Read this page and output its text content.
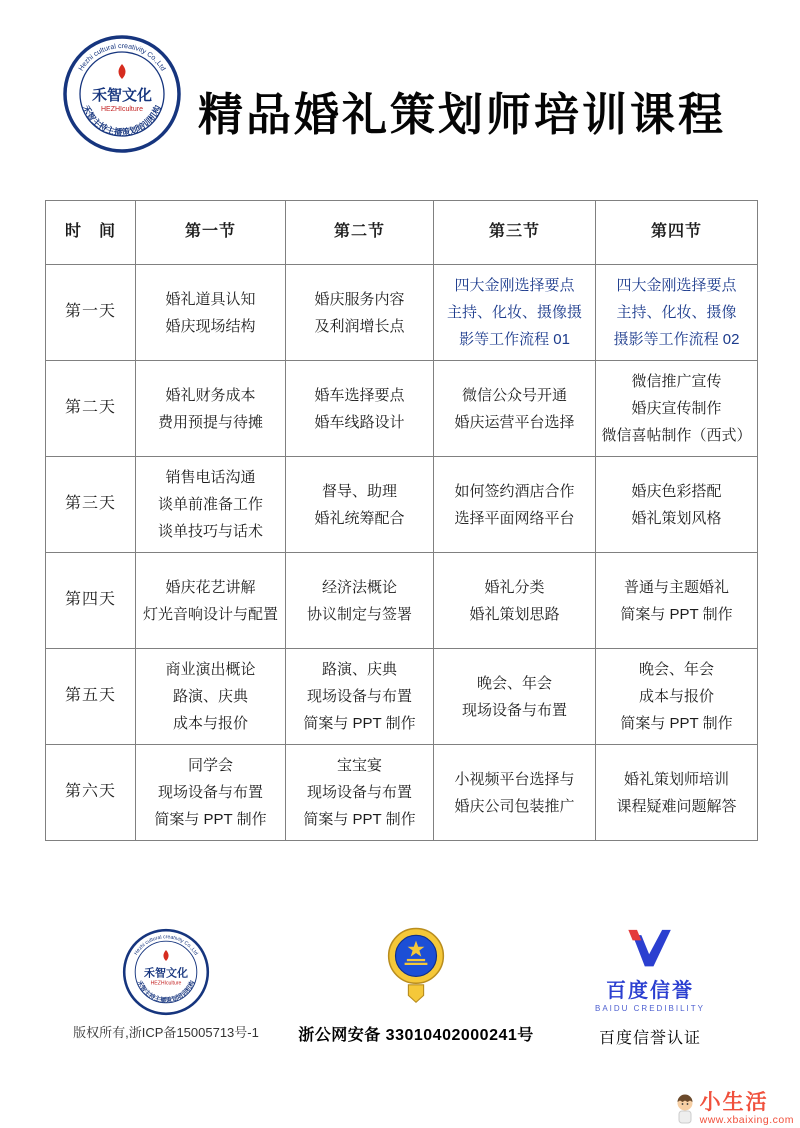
精品婚礼策划师培训课程
时　间	第一节	第二节	第三节	第四节
第一天	
婚礼道具认知
婚庆现场结构

婚庆服务内容
及利润增长点

四大金刚选择要点
主持、化妆、摄像摄
影等工作流程 01

四大金刚选择要点
主持、化妆、摄像
摄影等工作流程 02

第二天	
婚礼财务成本
费用预提与待摊

婚车选择要点
婚车线路设计

微信公众号开通
婚庆运营平台选择

微信推广宣传
婚庆宣传制作
微信喜帖制作（西式）

第三天	
销售电话沟通
谈单前准备工作
谈单技巧与话术

督导、助理
婚礼统筹配合

如何签约酒店合作
选择平面网络平台

婚庆色彩搭配
婚礼策划风格

第四天	
婚庆花艺讲解
灯光音响设计与配置

经济法概论
协议制定与签署

婚礼分类
婚礼策划思路

普通与主题婚礼
简案与 PPT 制作

第五天	
商业演出概论
路演、庆典
成本与报价

路演、庆典
现场设备与布置
简案与 PPT 制作

晚会、年会
现场设备与布置

晚会、年会
成本与报价
简案与 PPT 制作

第六天	
同学会
现场设备与布置
简案与 PPT 制作

宝宝宴
现场设备与布置
简案与 PPT 制作

小视频平台选择与
婚庆公司包装推广

婚礼策划师培训
课程疑难问题解答
版权所有,浙ICP备15005713号-1	浙公网安备 33010402000241号
百度信誉
BAIDU CREDIBILITY
百度信誉认证
小生活
www.xbaixing.com
